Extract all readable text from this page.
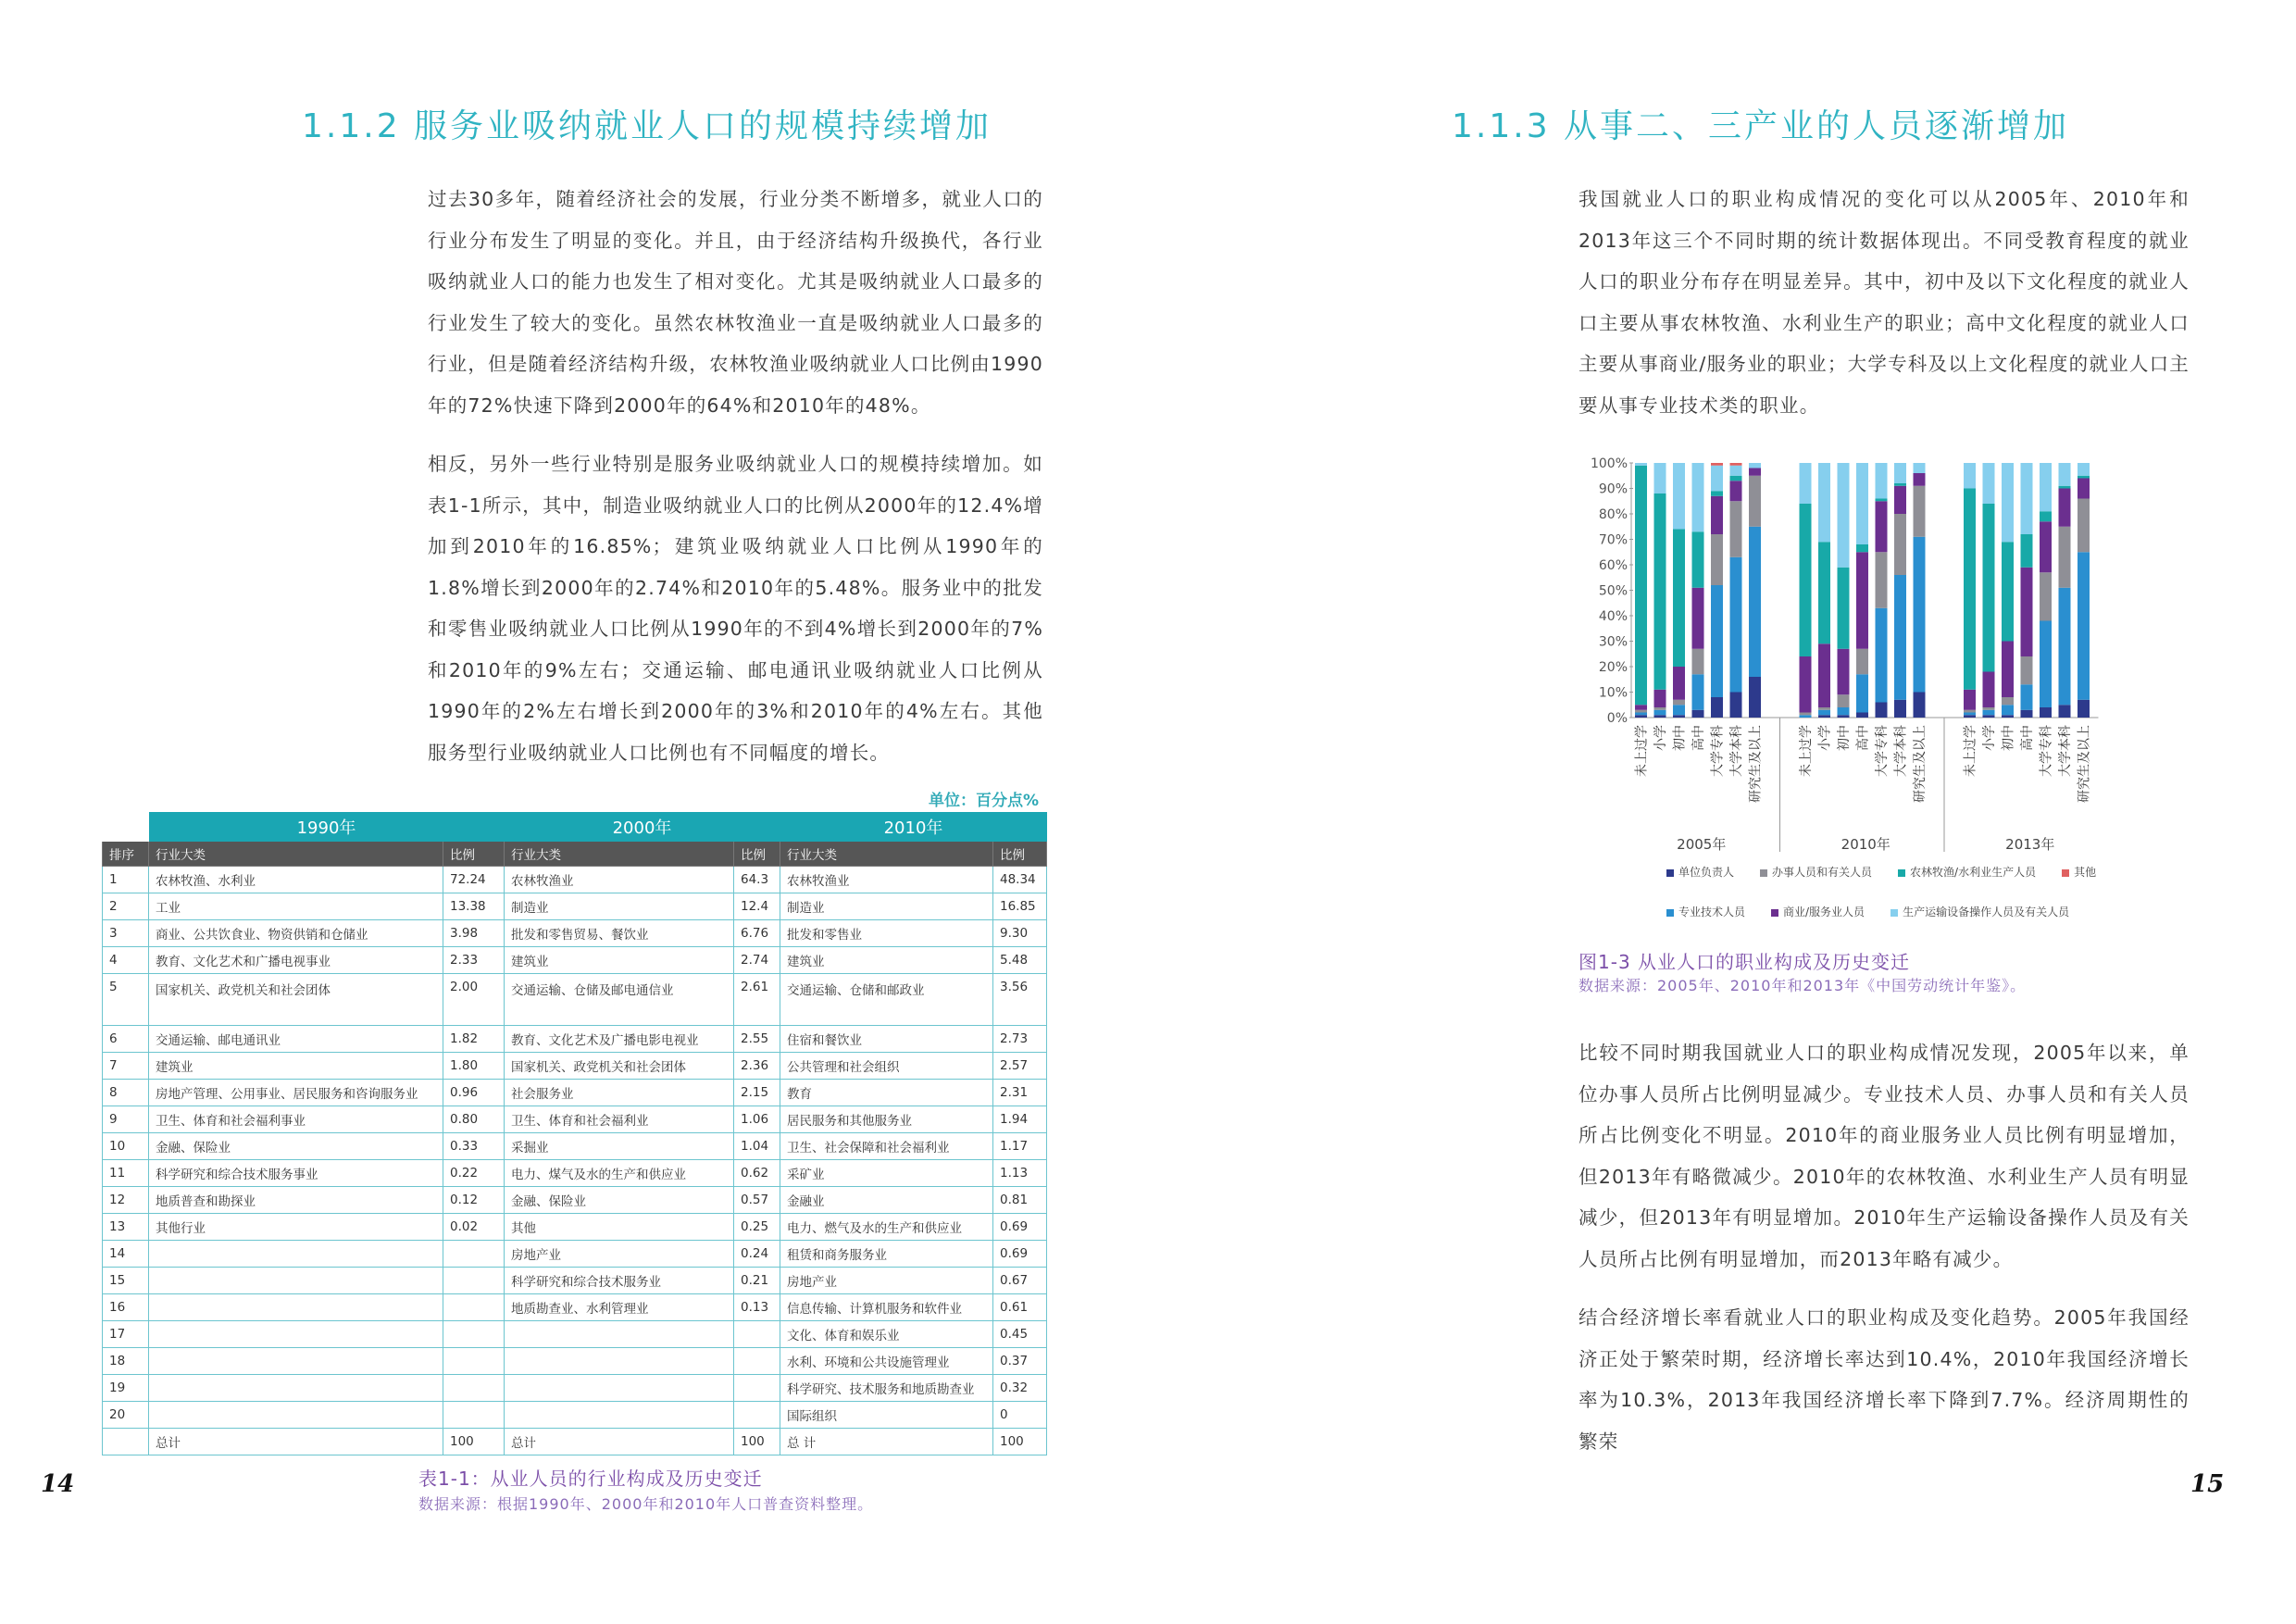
1.1.2 服务业吸纳就业人口的规模持续增加

过去30多年，随着经济社会的发展，行业分类不断增多，就业人口的行业分布发生了明显的变化。并且，由于经济结构升级换代，各行业吸纳就业人口的能力也发生了相对变化。尤其是吸纳就业人口最多的行业发生了较大的变化。虽然农林牧渔业一直是吸纳就业人口最多的行业，但是随着经济结构升级，农林牧渔业吸纳就业人口比例由1990年的72%快速下降到2000年的64%和2010年的48%。

相反，另外一些行业特别是服务业吸纳就业人口的规模持续增加。如表1-1所示，其中，制造业吸纳就业人口的比例从2000年的12.4%增加到2010年的16.85%；建筑业吸纳就业人口比例从1990年的1.8%增长到2000年的2.74%和2010年的5.48%。服务业中的批发和零售业吸纳就业人口比例从1990年的不到4%增长到2000年的7%和2010年的9%左右；交通运输、邮电通讯业吸纳就业人口比例从1990年的2%左右增长到2000年的3%和2010年的4%左右。其他服务型行业吸纳就业人口比例也有不同幅度的增长。

单位：百分点%
	1990年		2000年		2010年	
排序	行业大类	比例	行业大类	比例	行业大类	比例
1	农林牧渔、水利业	72.24	农林牧渔业	64.3	农林牧渔业	48.34
2	工业	13.38	制造业	12.4	制造业	16.85
3	商业、公共饮食业、物资供销和仓储业	3.98	批发和零售贸易、餐饮业	6.76	批发和零售业	9.30
4	教育、文化艺术和广播电视事业	2.33	建筑业	2.74	建筑业	5.48
5	国家机关、政党机关和社会团体	2.00	交通运输、仓储及邮电通信业	2.61	交通运输、仓储和邮政业	3.56
6	交通运输、邮电通讯业	1.82	教育、文化艺术及广播电影电视业	2.55	住宿和餐饮业	2.73
7	建筑业	1.80	国家机关、政党机关和社会团体	2.36	公共管理和社会组织	2.57
8	房地产管理、公用事业、居民服务和咨询服务业	0.96	社会服务业	2.15	教育	2.31
9	卫生、体育和社会福利事业	0.80	卫生、体育和社会福利业	1.06	居民服务和其他服务业	1.94
10	金融、保险业	0.33	采掘业	1.04	卫生、社会保障和社会福利业	1.17
11	科学研究和综合技术服务事业	0.22	电力、煤气及水的生产和供应业	0.62	采矿业	1.13
12	地质普查和勘探业	0.12	金融、保险业	0.57	金融业	0.81
13	其他行业	0.02	其他	0.25	电力、燃气及水的生产和供应业	0.69
14			房地产业	0.24	租赁和商务服务业	0.69
15			科学研究和综合技术服务业	0.21	房地产业	0.67
16			地质勘查业、水利管理业	0.13	信息传输、计算机服务和软件业	0.61
17					文化、体育和娱乐业	0.45
18					水利、环境和公共设施管理业	0.37
19					科学研究、技术服务和地质勘查业	0.32
20					国际组织	0
	总计	100	总计	100	总 计	100
表1-1：从业人员的行业构成及历史变迁
数据来源：根据1990年、2000年和2010年人口普查资料整理。
14
1.1.3 从事二、三产业的人员逐渐增加

我国就业人口的职业构成情况的变化可以从2005年、2010年和2013年这三个不同时期的统计数据体现出。不同受教育程度的就业人口的职业分布存在明显差异。其中，初中及以下文化程度的就业人口主要从事农林牧渔、水利业生产的职业；高中文化程度的就业人口主要从事商业/服务业的职业；大学专科及以上文化程度的就业人口主要从事专业技术类的职业。

0%
10%
20%
30%
40%
50%
60%
70%
80%
90%
100%
未上过学 小学 初中 高中 大学专科 大学本科 研究生及以上
2005年
未上过学 小学 初中 高中 大学专科 大学本科 研究生及以上
2010年
未上过学 小学 初中 高中 大学专科 大学本科 研究生及以上
2013年
单位负责人	办事人员和有关人员	农林牧渔/水利业生产人员	其他
专业技术人员	商业/服务业人员	生产运输设备操作人员及有关人员
图1-3 从业人口的职业构成及历史变迁
数据来源：2005年、2010年和2013年《中国劳动统计年鉴》。

比较不同时期我国就业人口的职业构成情况发现，2005年以来，单位办事人员所占比例明显减少。专业技术人员、办事人员和有关人员所占比例变化不明显。2010年的商业服务业人员比例有明显增加，但2013年有略微减少。2010年的农林牧渔、水利业生产人员有明显减少，但2013年有明显增加。2010年生产运输设备操作人员及有关人员所占比例有明显增加，而2013年略有减少。

结合经济增长率看就业人口的职业构成及变化趋势。2005年我国经济正处于繁荣时期，经济增长率达到10.4%，2010年我国经济增长率为10.3%，2013年我国经济增长率下降到7.7%。经济周期性的繁荣

15
